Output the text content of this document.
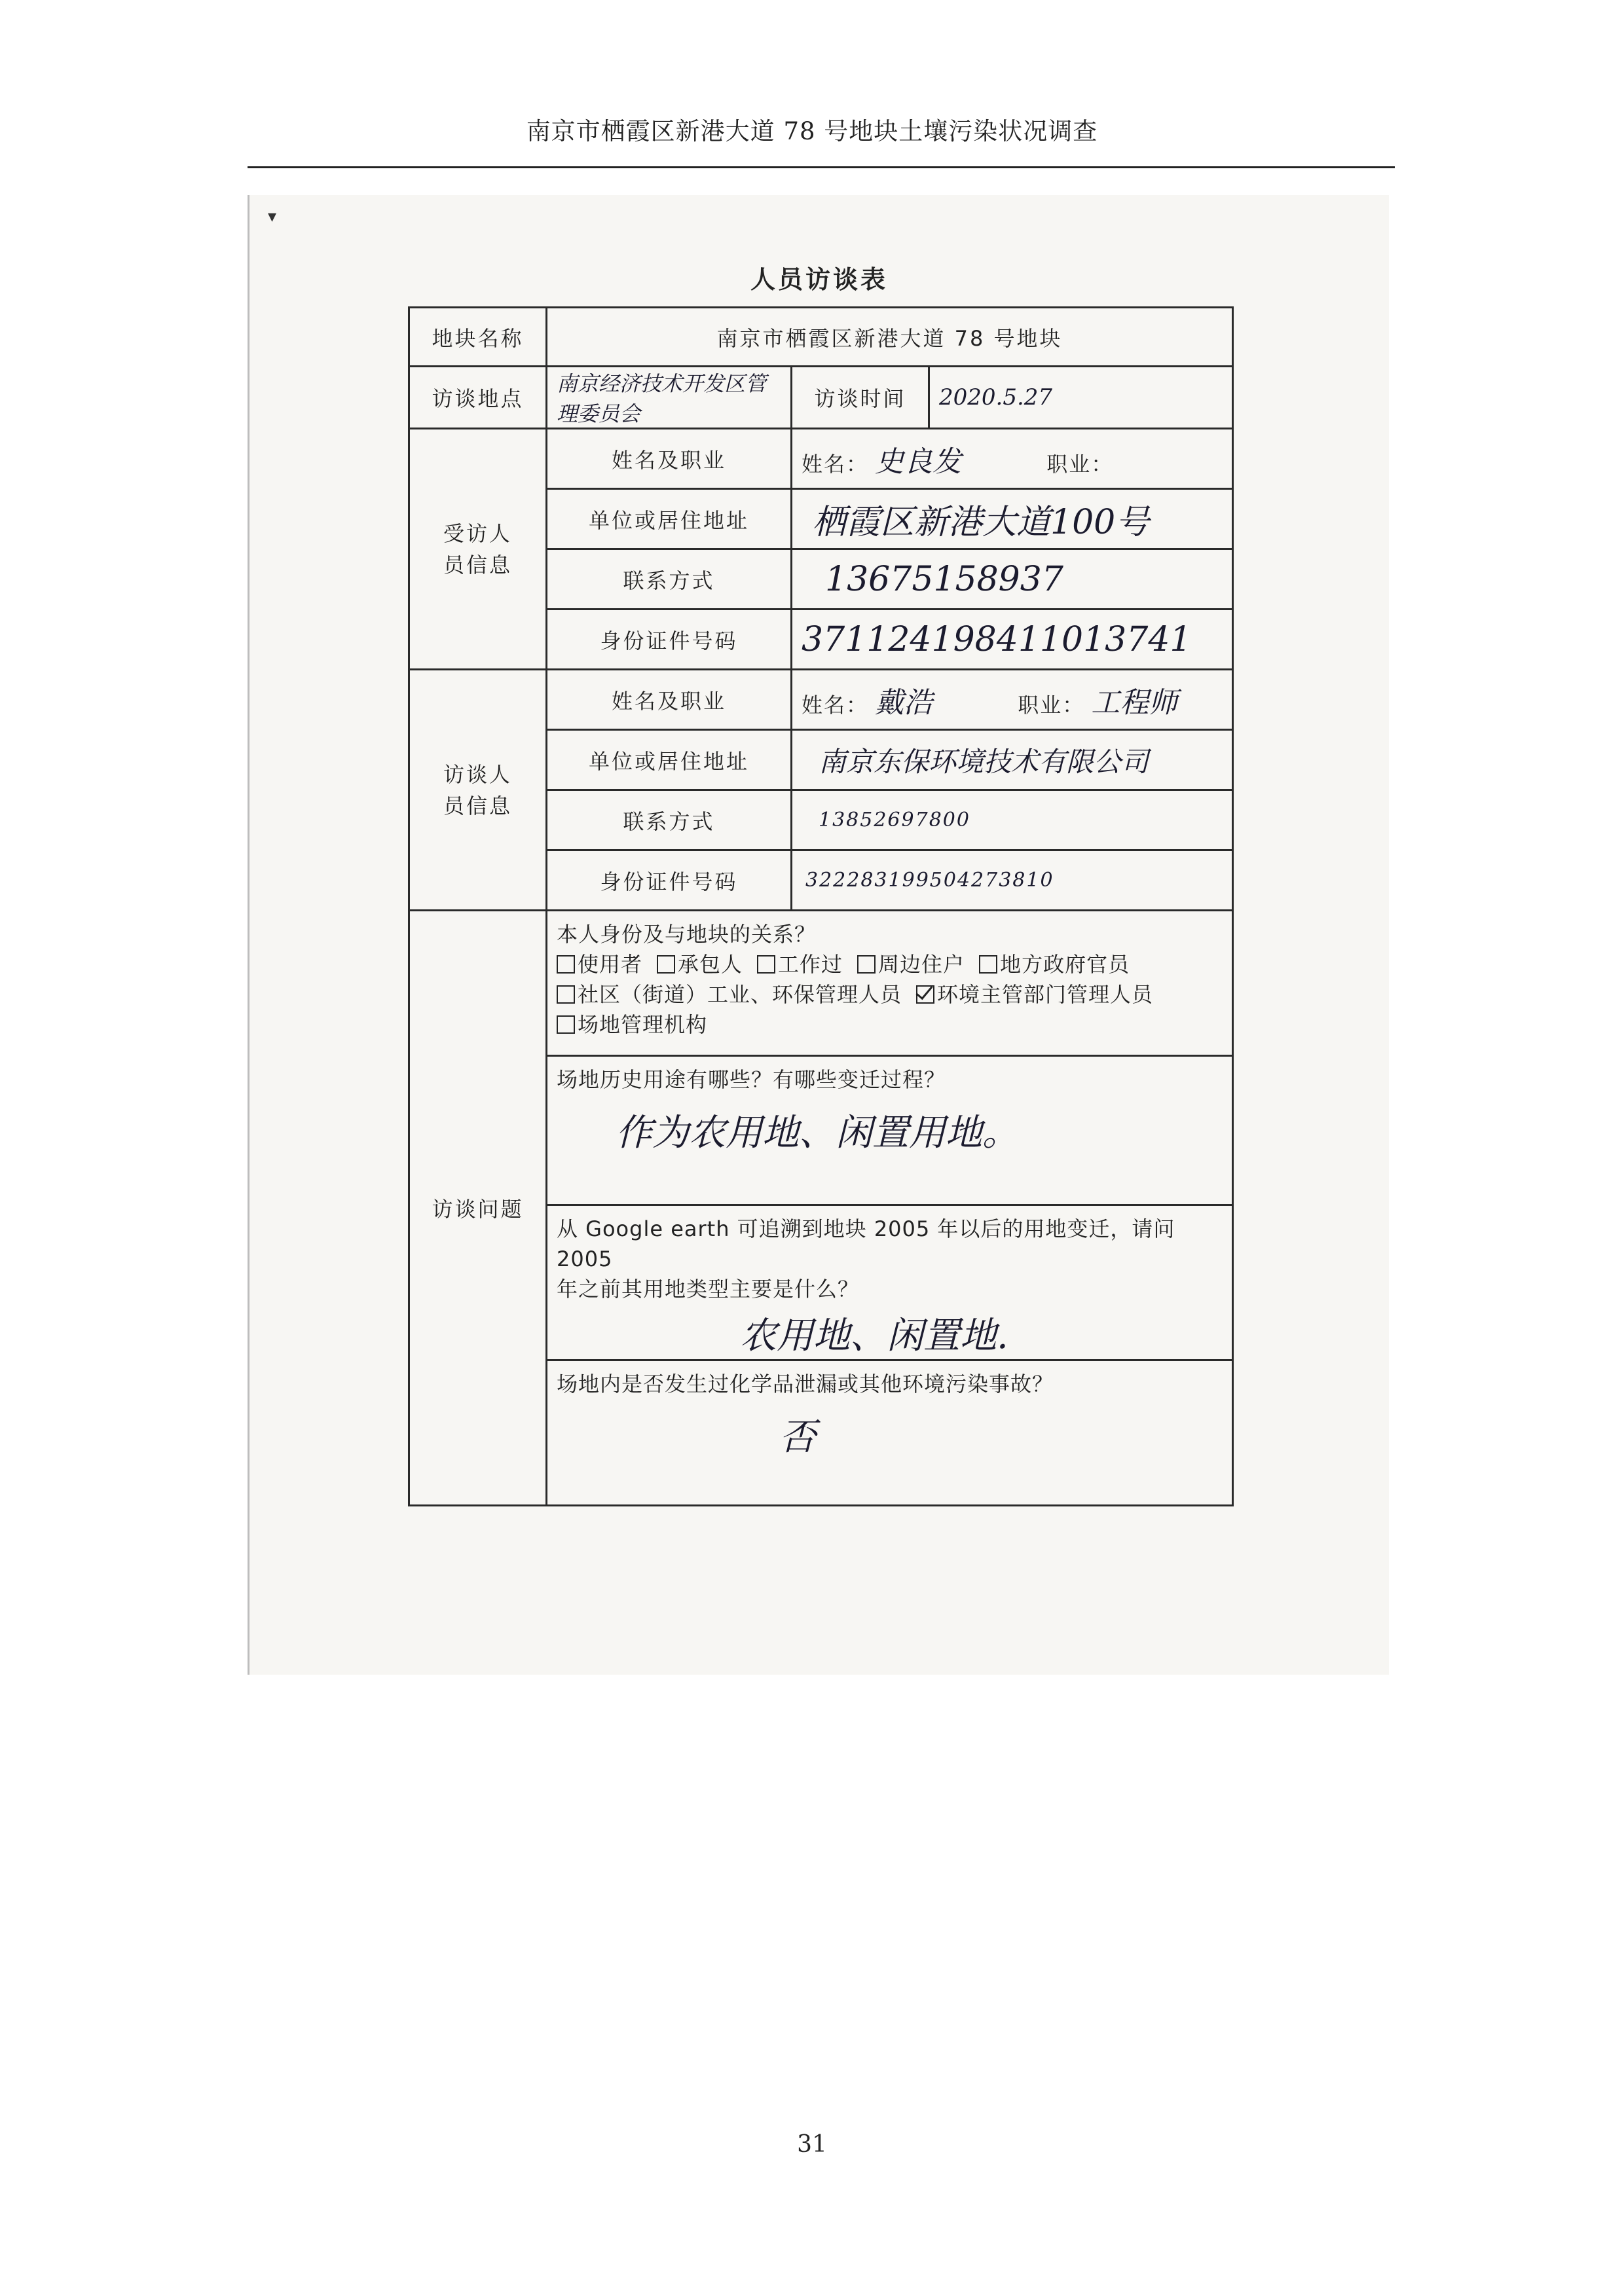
南京市栖霞区新港大道 78 号地块土壤污染状况调查
▾
人员访谈表
地块名称	南京市栖霞区新港大道 78 号地块		
访谈地点	南京经济技术开发区管理委员会	访谈时间	2020.5.27

受访人员信息	姓名及职业	姓名： 史良发 职业：	
	单位或居住地址	栖霞区新港大道100号	
	联系方式	13675158937	
	身份证件号码	371124198411013741	

访谈人员信息	姓名及职业	姓名： 戴浩 职业： 工程师	
	单位或居住地址	南京东保环境技术有限公司	
	联系方式	13852697800	
	身份证件号码	322283199504273810	
访谈问题	本人身份及与地块的关系？
使用者 承包人 工作过 周边住户 地方政府官员
社区（街道）工业、环保管理人员 环境主管部门管理人员
场地管理机构		

	场地历史用途有哪些？有哪些变迁过程？
作为农用地、闲置用地。		

	从 Google earth 可追溯到地块 2005 年以后的用地变迁，请问 2005
年之前其用地类型主要是什么？
农用地、闲置地.		

	场地内是否发生过化学品泄漏或其他环境污染事故？
否		
31
